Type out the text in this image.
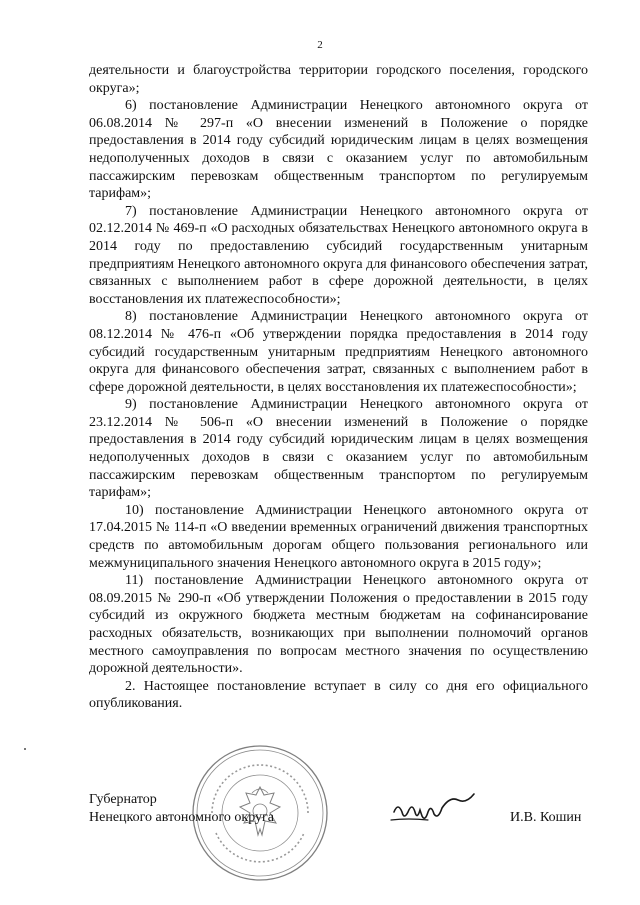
2

деятельности и благоустройства территории городского поселения, городского округа»;

6) постановление Администрации Ненецкого автономного округа от 06.08.2014 № 297-п «О внесении изменений в Положение о порядке предоставления в 2014 году субсидий юридическим лицам в целях возмещения недополученных доходов в связи с оказанием услуг по автомобильным пассажирским перевозкам общественным транспортом по регулируемым тарифам»;

7) постановление Администрации Ненецкого автономного округа от 02.12.2014 № 469-п «О расходных обязательствах Ненецкого автономного округа в 2014 году по предоставлению субсидий государственным унитарным предприятиям Ненецкого автономного округа для финансового обеспечения затрат, связанных с выполнением работ в сфере дорожной деятельности, в целях восстановления их платежеспособности»;

8) постановление Администрации Ненецкого автономного округа от 08.12.2014 № 476-п «Об утверждении порядка предоставления в 2014 году субсидий государственным унитарным предприятиям Ненецкого автономного округа для финансового обеспечения затрат, связанных с выполнением работ в сфере дорожной деятельности, в целях восстановления их платежеспособности»;

9) постановление Администрации Ненецкого автономного округа от 23.12.2014 № 506-п «О внесении изменений в Положение о порядке предоставления в 2014 году субсидий юридическим лицам в целях возмещения недополученных доходов в связи с оказанием услуг по автомобильным пассажирским перевозкам общественным транспортом по регулируемым тарифам»;

10) постановление Администрации Ненецкого автономного округа от 17.04.2015 № 114-п «О введении временных ограничений движения транспортных средств по автомобильным дорогам общего пользования регионального или межмуниципального значения Ненецкого автономного округа в 2015 году»;

11) постановление Администрации Ненецкого автономного округа от 08.09.2015 № 290-п «Об утверждении Положения о предоставлении в 2015 году субсидий из окружного бюджета местным бюджетам на софинансирование расходных обязательств, возникающих при выполнении полномочий органов местного самоуправления по вопросам местного значения по осуществлению дорожной деятельности».

2. Настоящее постановление вступает в силу со дня его официального опубликования.

Губернатор
Ненецкого автономного округа	И.В. Кошин
